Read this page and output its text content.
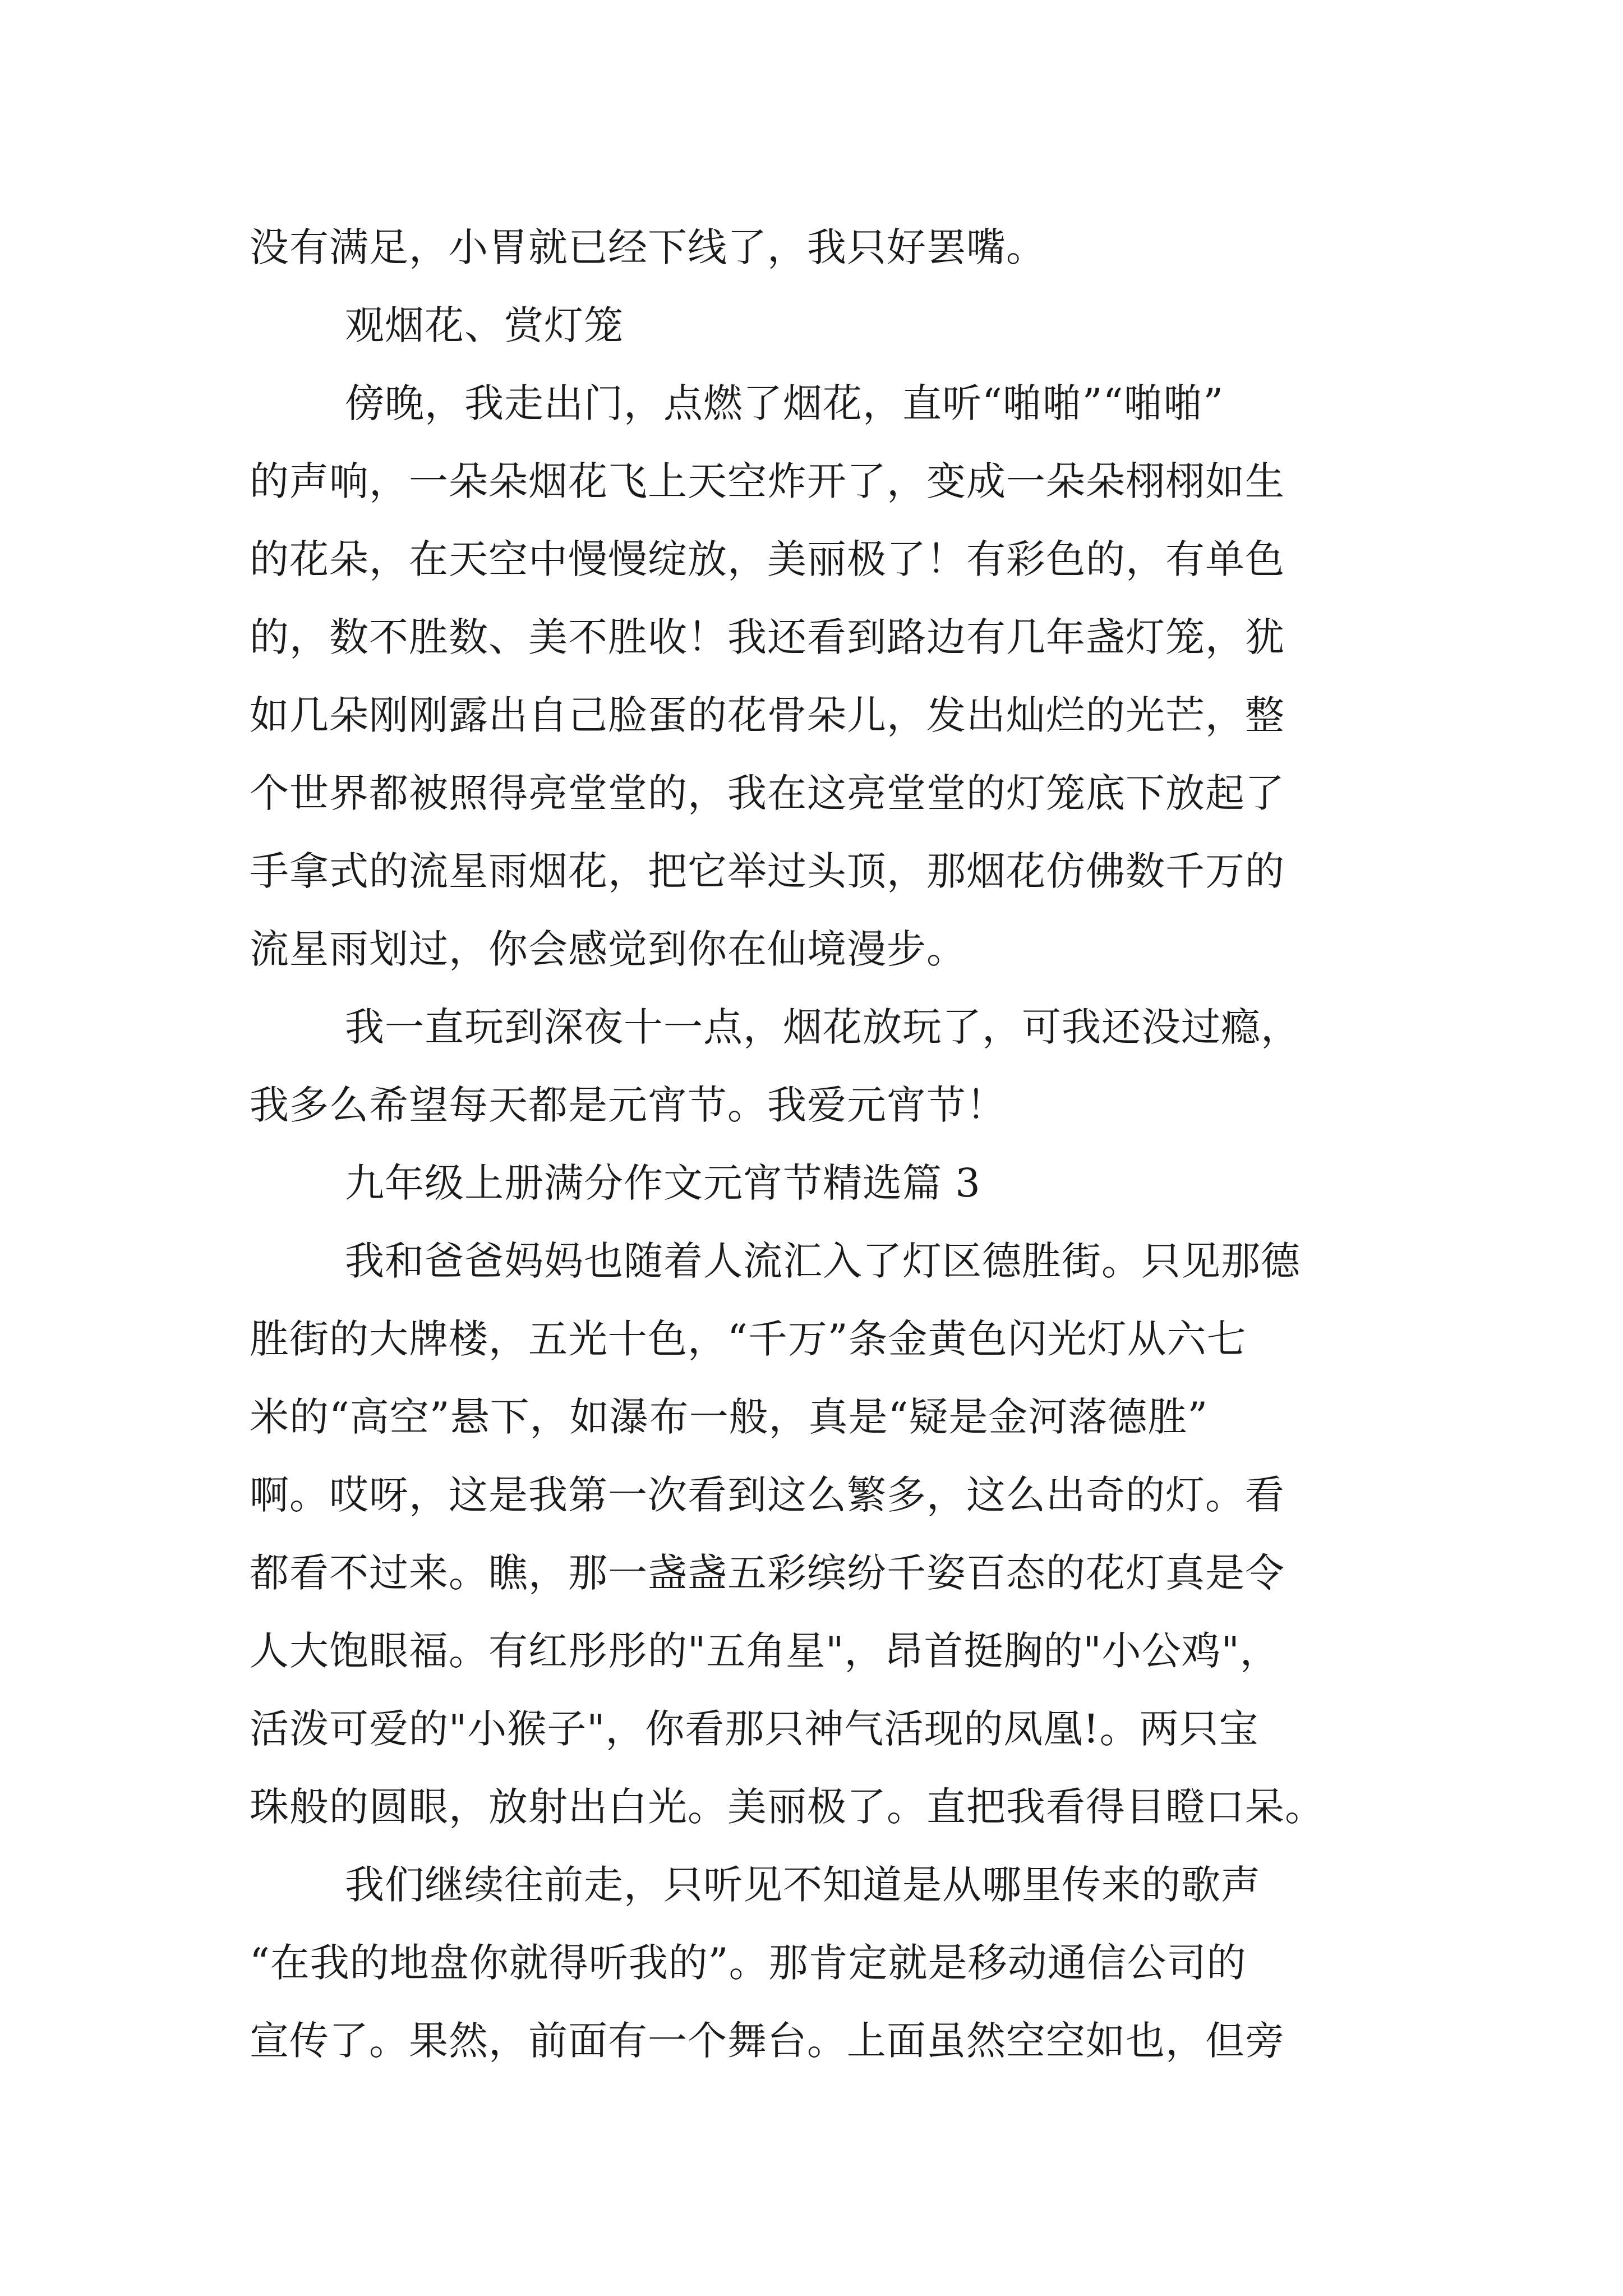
没有满足，小胃就已经下线了，我只好罢嘴。
观烟花、赏灯笼
傍晚，我走出门，点燃了烟花，直听“啪啪”“啪啪”
的声响，一朵朵烟花飞上天空炸开了，变成一朵朵栩栩如生
的花朵，在天空中慢慢绽放，美丽极了！有彩色的，有单色
的，数不胜数、美不胜收！我还看到路边有几年盏灯笼，犹
如几朵刚刚露出自己脸蛋的花骨朵儿，发出灿烂的光芒，整
个世界都被照得亮堂堂的，我在这亮堂堂的灯笼底下放起了
手拿式的流星雨烟花，把它举过头顶，那烟花仿佛数千万的
流星雨划过，你会感觉到你在仙境漫步。
我一直玩到深夜十一点，烟花放玩了，可我还没过瘾，
我多么希望每天都是元宵节。我爱元宵节！
九年级上册满分作文元宵节精选篇 3
我和爸爸妈妈也随着人流汇入了灯区德胜街。只见那德
胜街的大牌楼，五光十色，“千万”条金黄色闪光灯从六七
米的“高空”悬下，如瀑布一般，真是“疑是金河落德胜”
啊。哎呀，这是我第一次看到这么繁多，这么出奇的灯。看
都看不过来。瞧，那一盏盏五彩缤纷千姿百态的花灯真是令
人大饱眼福。有红彤彤的"五角星"，昂首挺胸的"小公鸡"，
活泼可爱的"小猴子"，你看那只神气活现的凤凰!。两只宝
珠般的圆眼，放射出白光。美丽极了。直把我看得目瞪口呆。
我们继续往前走，只听见不知道是从哪里传来的歌声
“在我的地盘你就得听我的”。那肯定就是移动通信公司的
宣传了。果然，前面有一个舞台。上面虽然空空如也，但旁
